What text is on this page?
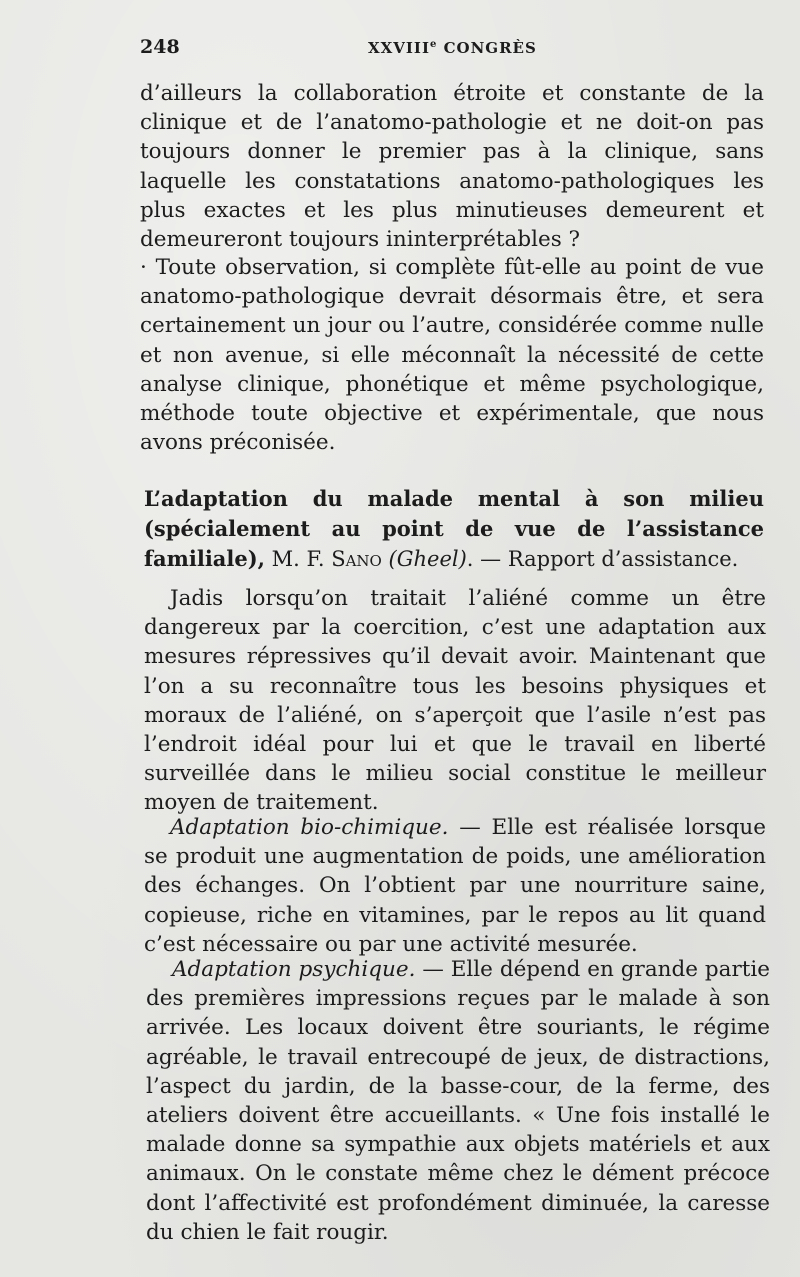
248	XXVIIIe CONGRÈS

d’ailleurs la collaboration étroite et constante de la clinique et de l’anatomo-pathologie et ne doit-on pas toujours donner le premier pas à la clinique, sans laquelle les constatations anatomo-pathologiques les plus exactes et les plus minutieuses demeurent et demeureront toujours ininterprétables ?

· Toute observation, si complète fût-elle au point de vue anatomo-pathologique devrait désormais être, et sera certainement un jour ou l’autre, considérée comme nulle et non avenue, si elle méconnaît la nécessité de cette analyse clinique, phonétique et même psychologique, méthode toute objective et expérimentale, que nous avons préconisée.

L’adaptation du malade mental à son milieu (spécialement au point de vue de l’assistance familiale), M. F. Sano (Gheel). — Rapport d’assistance.

Jadis lorsqu’on traitait l’aliéné comme un être dangereux par la coercition, c’est une adaptation aux mesures répressives qu’il devait avoir. Maintenant que l’on a su reconnaître tous les besoins physiques et moraux de l’aliéné, on s’aperçoit que l’asile n’est pas l’endroit idéal pour lui et que le travail en liberté surveillée dans le milieu social constitue le meilleur moyen de traitement.

Adaptation bio-chimique. — Elle est réalisée lorsque se produit une augmentation de poids, une amélioration des échanges. On l’obtient par une nourriture saine, copieuse, riche en vitamines, par le repos au lit quand c’est nécessaire ou par une activité mesurée.

Adaptation psychique. — Elle dépend en grande partie des premières impressions reçues par le malade à son arrivée. Les locaux doivent être souriants, le régime agréable, le travail entrecoupé de jeux, de distractions, l’aspect du jardin, de la basse-cour, de la ferme, des ateliers doivent être accueillants. « Une fois installé le malade donne sa sympathie aux objets matériels et aux animaux. On le constate même chez le dément précoce dont l’affectivité est profondément diminuée, la caresse du chien le fait rougir.
